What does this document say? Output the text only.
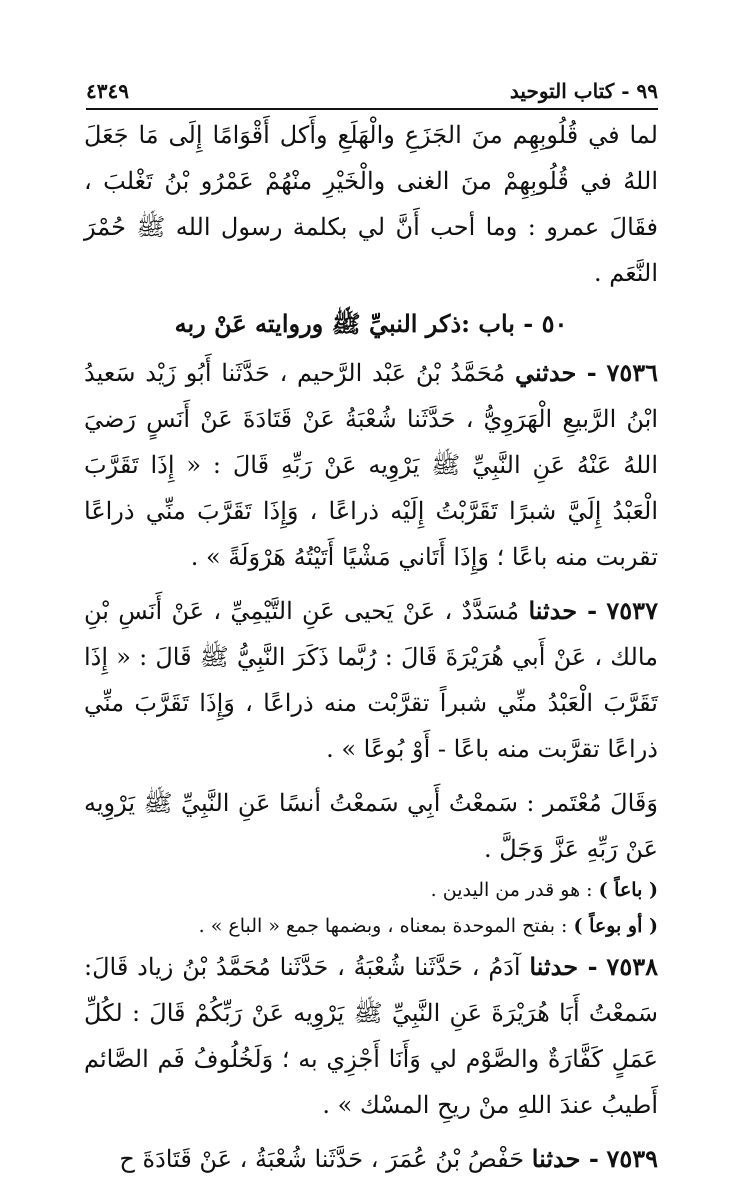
٩٩ - كتاب التوحيد
٤٣٤٩

لما في قُلُوبِهِم منَ الجَزَعِ والْهَلَعِ وأَكل أَقْوَامًا إِلَى مَا جَعَلَ اللهُ في قُلُوبِهِمْ منَ الغنى والْخَيْرِ منْهُمْ عَمْرُو بْنُ تَغْلبَ ، فقَالَ عمرو : وما أحب أَنَّ لي بكلمة رسول الله ﷺ حُمْرَ النَّعَم .

٥٠ - باب :ذكر النبيِّ ﷺ وروايته عَنْ ربه

٧٥٣٦ - حدثني مُحَمَّدُ بْنُ عَبْد الرَّحيم ، حَدَّثَنا أَبُو زَيْد سَعيدُ ابْنُ الرَّبيعِ الْهَرَوِيُّ ، حَدَّثَنا شُعْبَةُ عَنْ قَتَادَةَ عَنْ أَنَسٍ رَضيَ اللهُ عَنْهُ عَنِ النَّبِيِّ ﷺ يَرْوِيه عَنْ رَبِّهِ قَالَ : « إِذَا تَقَرَّبَ الْعَبْدُ إِلَيَّ شبرًا تَقَرَّبْتُ إِلَيْه ذراعًا ، وَإِذَا تَقَرَّبَ منِّي ذراعًا تقربت منه باعًا ؛ وَإِذَا أَتَاني مَشْيًا أَتَيْتُهُ هَرْوَلَةً » .

٧٥٣٧ - حدثنا مُسَدَّدٌ ، عَنْ يَحيى عَنِ التَّيْمِيِّ ، عَنْ أَنَسِ بْنِ مالك ، عَنْ أَبي هُرَيْرَةَ قَالَ : رُبَّما ذَكَرَ النَّبِيُّ ﷺ قَالَ : « إِذَا تَقَرَّبَ الْعَبْدُ منِّي شبراً تقرَّبْت منه ذراعًا ، وَإِذَا تَقَرَّبَ منِّي ذراعًا تقرَّبت منه باعًا - أَوْ بُوعًا » .

وَقَالَ مُعْتَمر : سَمعْتُ أَبِي سَمعْتُ أنسًا عَنِ النَّبِيِّ ﷺ يَرْوِيه عَنْ رَبِّهِ عَزَّ وَجَلَّ .

( باعاً ) : هو قدر من اليدين .

( أو بوعاً ) : بفتح الموحدة بمعناه ، وبضمها جمع « الباع » .

٧٥٣٨ - حدثنا آدَمُ ، حَدَّثَنا شُعْبَةُ ، حَدَّثَنا مُحَمَّدُ بْنُ زياد قَالَ: سَمعْتُ أَبَا هُرَيْرَةَ عَنِ النَّبِيِّ ﷺ يَرْوِيه عَنْ رَبِّكُمْ قَالَ : لكُلِّ عَمَلٍ كَفَّارَةٌ والصَّوْم لي وَأَنَا أَجْزِي به ؛ وَلَخُلُوفُ فَم الصَّائم أَطيبُ عندَ اللهِ منْ ريحِ المسْك » .

٧٥٣٩ - حدثنا حَفْصُ بْنُ عُمَرَ ، حَدَّثَنا شُعْبَةُ ، عَنْ قَتَادَةَ ح
